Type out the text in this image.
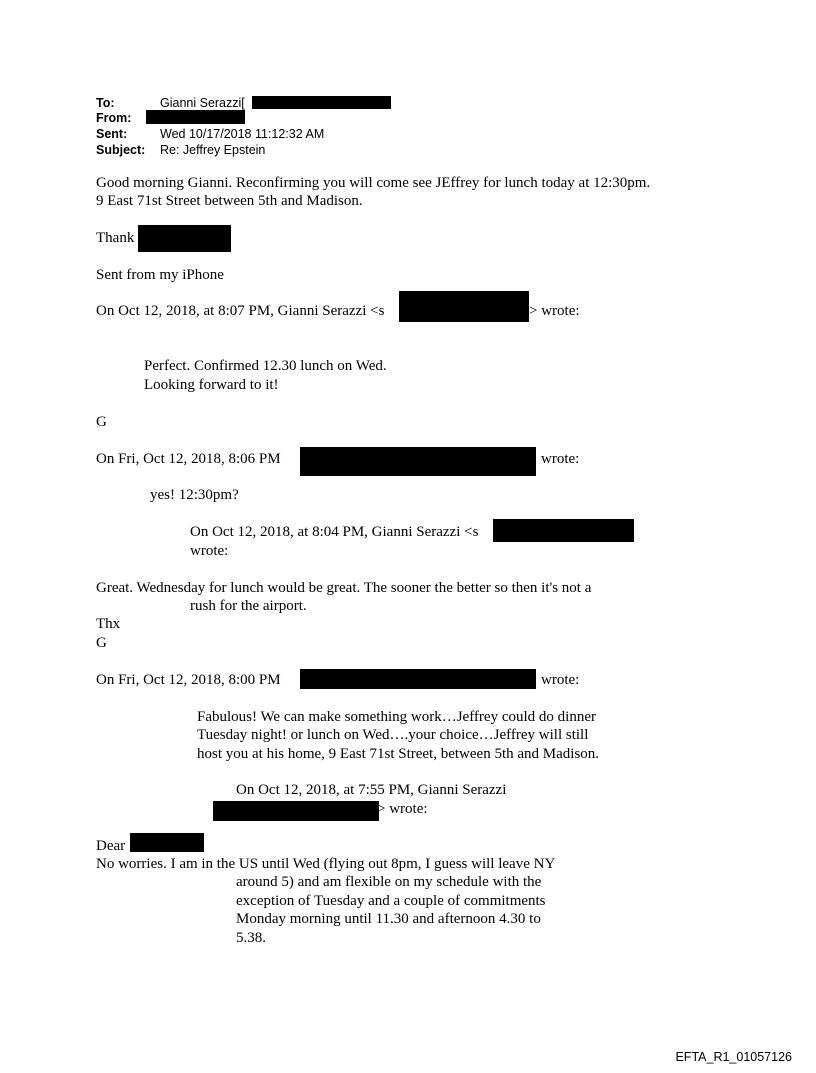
To:	Gianni Serazzi[
From:
Sent:	Wed 10/17/2018 11:12:32 AM
Subject: Re: Jeffrey Epstein
Good morning Gianni. Reconfirming you will come see JEffrey for lunch today at 12:30pm.
9 East 71st Street between 5th and Madison.
Thank
Sent from my iPhone
On Oct 12, 2018, at 8:07 PM, Gianni Serazzi <s	> wrote:
Perfect. Confirmed 12.30 lunch on Wed.
Looking forward to it!
G
On Fri, Oct 12, 2018, 8:06 PM	wrote:
yes! 12:30pm?
On Oct 12, 2018, at 8:04 PM, Gianni Serazzi <s
wrote:
Great. Wednesday for lunch would be great. The sooner the better so then it's not a
rush for the airport.
Thx
G
On Fri, Oct 12, 2018, 8:00 PM	wrote:
Fabulous! We can make something work…Jeffrey could do dinner
Tuesday night! or lunch on Wed….your choice…Jeffrey will still
host you at his home, 9 East 71st Street, between 5th and Madison.
On Oct 12, 2018, at 7:55 PM, Gianni Serazzi
> wrote:
Dear
No worries. I am in the US until Wed (flying out 8pm, I guess will leave NY
around 5) and am flexible on my schedule with the
exception of Tuesday and a couple of commitments
Monday morning until 11.30 and afternoon 4.30 to
5.38.
EFTA_R1_01057126
